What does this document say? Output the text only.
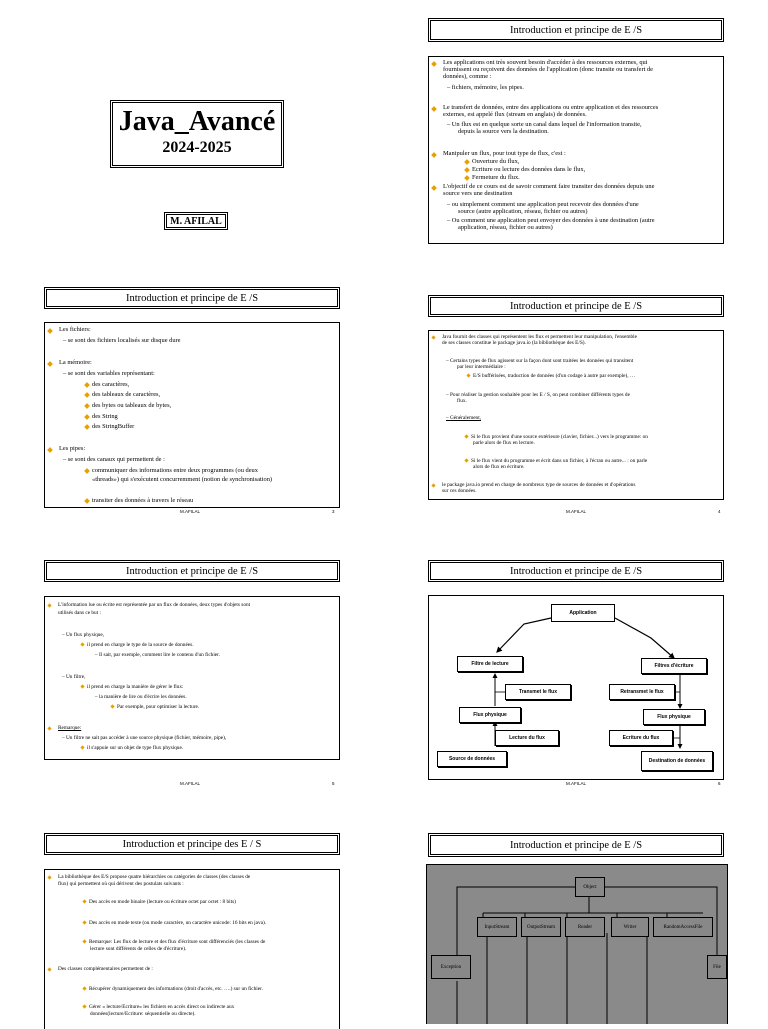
Java_Avancé
2024-2025
M. AFILAL
Introduction et principe de E /S

Les applications ont très souvent besoin d'accéder à des ressources externes, qui

fournissent ou reçoivent des données de l'application (donc transite ou transfert de

données), comme :

– fichiers, mémoire, les pipes.

Le transfert de données, entre des applications ou entre application et des ressources

externes, est appelé flux (stream en anglais) de données.

– Un flux est en quelque sorte un canal dans lequel de l'information transite,

depuis la source vers la destination.

Manipuler un flux, pour tout type de flux, c'est :

Ouverture du flux,

Ecriture ou lecture des données dans le flux,

Fermeture du flux.

L'objectif de ce cours est de savoir comment faire transiter des données depuis une

source vers une destination

– ou simplement comment une application peut recevoir des données d'une

source (autre application, réseau, fichier ou autres)

– Ou comment une application peut envoyer des données à une destination (autre

application, réseau, fichier ou autres)

Introduction et principe de E /S

Les fichiers:

– se sont des fichiers localisés sur disque dure

La mémoire:

– se sont des variables représentant:

des caractères,

des tableaux de caractères,

des bytes ou tableaux de bytes,

des String

des StringBuffer

Les pipes:

– se sont des canaux qui permettent de :

communiquer des informations entre deux programmes (ou deux

«threads») qui s'exécutent concurremment (notion de synchronisation)

transiter des données à travers le réseau

M.AFILAL	3
Introduction et principe de E /S

Java fournit des classes qui représentent les flux et permettent leur manipulation, l'ensemble

de ses classes constitue le package java.io (la bibliothèque des E/S).

– Certains types de flux agissent sur la façon dont sont traitées les données qui transitent

par leur intermédiaire :

E/S bufférisées, traduction de données (d'un codage à autre par exemple), …

– Pour réaliser la gestion souhaitée pour les E / S, on peut combiner différents types de

flux.

– Généralement,

Si le flux provient d'une source extérieure (clavier, fichier...) vers le programme: on

parle alors de flux en lecture.

Si le flux vient du programme et écrit dans un fichier, à l'écran ou autre... : on parle

alors de flux en écriture.

le package java.io prend en charge de nombreux type de sources de données et d'opérations

sur ces données.

M.AFILAL	4
Introduction et principe de E /S

L'information lue ou écrite est représentée par un flux de données, deux types d'objets sont

utilisés dans ce but :

– Un flux physique,

il prend en charge le type de la source de données.

– Il sait, par exemple, comment lire le contenu d'un fichier.

– Un filtre,

il prend en charge la manière de gérer le flux:

– la manière de lire ou d'écrire les données.

Par exemple, pour optimiser la lecture.

Remarque:

– Un filtre ne sait pas accéder à une source physique (fichier, mémoire, pipe),

il s'appuie sur un objet de type flux physique.

M.AFILAL	5
Introduction et principe de E /S
Application
Filtre de lecture	Filtres d'écriture
Transmet le flux	Retransmet le flux
Flux physique	Flux physique
Lecture du flux	Ecriture du flux
Source de données	Destination de données
M.AFILAL	6
Introduction et principe des E / S

La bibliothèque des E/S propose quatre hiérarchies ou catégories de classes (des classes de

flux) qui permettent où qui dérivent des postulats suivants :

Des accès en mode binaire (lecture ou écriture octet par octet : 8 bits)

Des accès en mode texte (ou mode caractère, un caractère unicode: 16 bits en java).

Remarque: Les flux de lecture et des flux d'écriture sont différenciés (les classes de

lecture sont différents de celles de d'écriture).

Des classes complémentaires permettent de :

Récupérer dynamiquement des informations (droit d'accès, etc. ….) sur un fichier.

Gérer « lecture/Ecriture» les fichiers en accès direct ou indirecte aux

données(lecture/Ecriture: séquentielle ou directe).

Introduction et principe de E /S
Object
InputStream	OutputStream	Reader	Writer	RandomAccessFile
Exception	File
